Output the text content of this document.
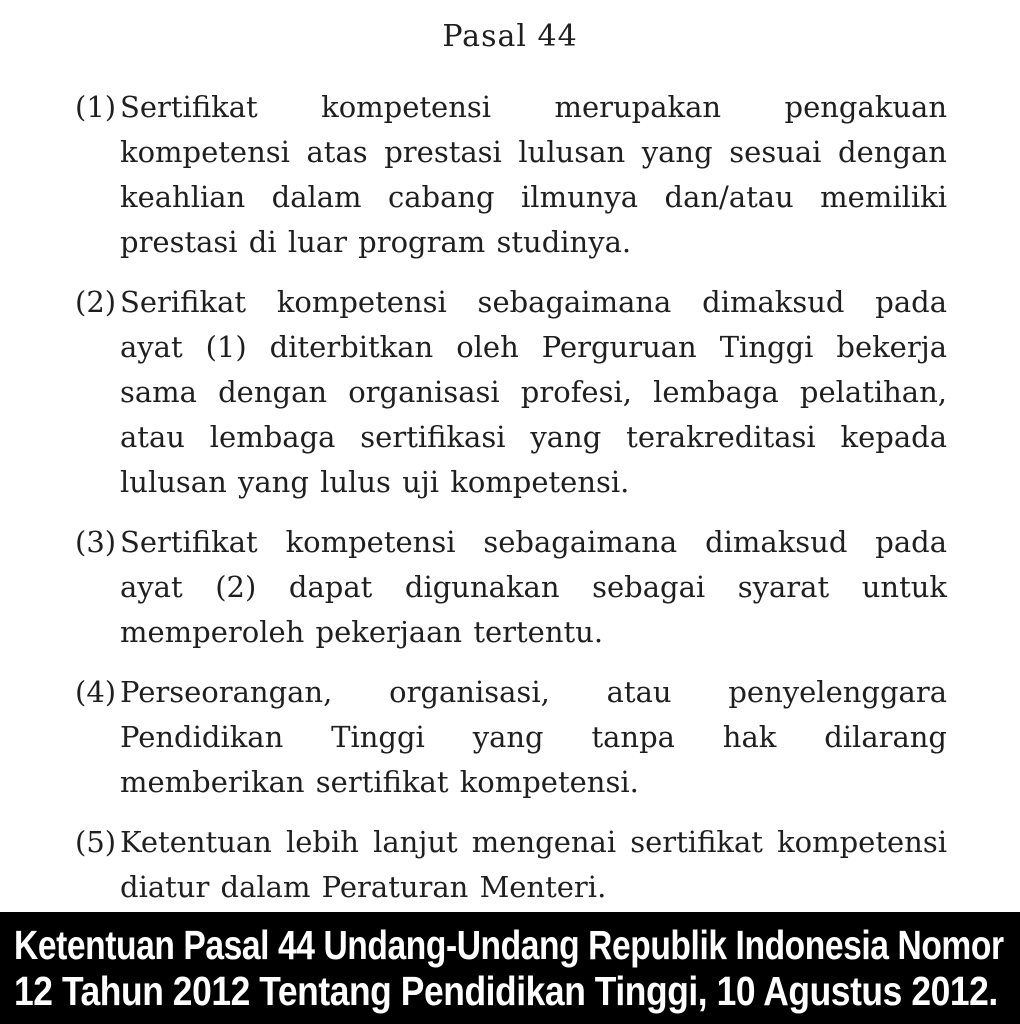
Pasal 44
(1) Sertifikat kompetensi merupakan pengakuan
kompetensi atas prestasi lulusan yang sesuai dengan
keahlian dalam cabang ilmunya dan/atau memiliki
prestasi di luar program studinya.
(2) Serifikat kompetensi sebagaimana dimaksud pada
ayat (1) diterbitkan oleh Perguruan Tinggi bekerja
sama dengan organisasi profesi, lembaga pelatihan,
atau lembaga sertifikasi yang terakreditasi kepada
lulusan yang lulus uji kompetensi.
(3) Sertifikat kompetensi sebagaimana dimaksud pada
ayat (2) dapat digunakan sebagai syarat untuk
memperoleh pekerjaan tertentu.
(4) Perseorangan, organisasi, atau penyelenggara
Pendidikan Tinggi yang tanpa hak dilarang
memberikan sertifikat kompetensi.
(5) Ketentuan lebih lanjut mengenai sertifikat kompetensi
diatur dalam Peraturan Menteri.
Ketentuan Pasal 44 Undang-Undang Republik Indonesia Nomor
12 Tahun 2012 Tentang Pendidikan Tinggi, 10 Agustus 2012.
